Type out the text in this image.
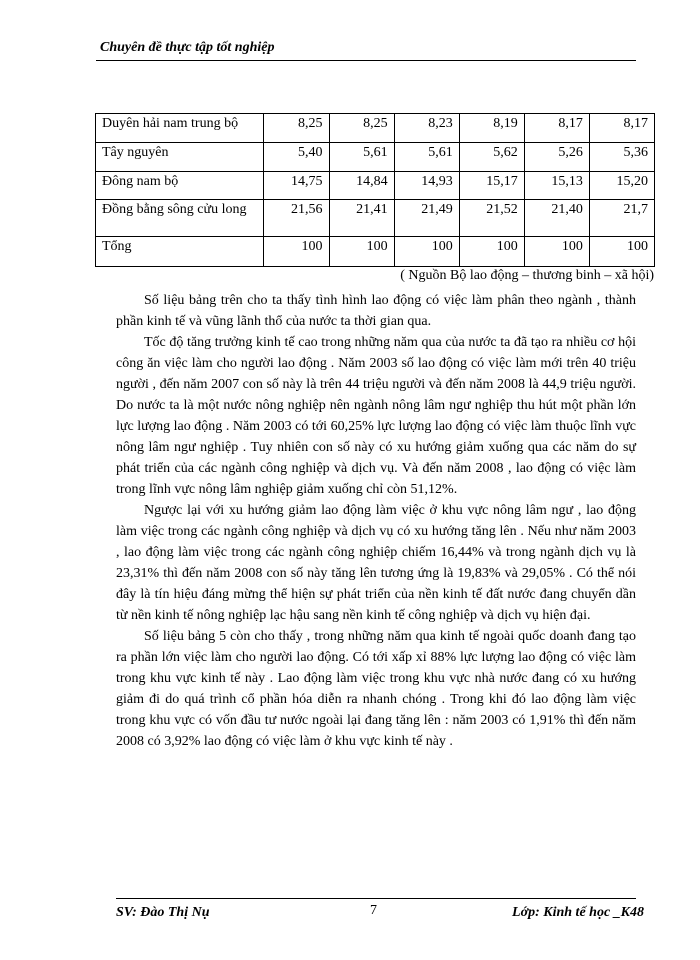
Chuyên đề thực tập tốt nghiệp
Duyên hải nam trung bộ	8,25	8,25	8,23	8,19	8,17	8,17
Tây nguyên	5,40	5,61	5,61	5,62	5,26	5,36
Đông nam bộ	14,75	14,84	14,93	15,17	15,13	15,20
Đồng bằng sông cửu long	21,56	21,41	21,49	21,52	21,40	21,7
Tổng	100	100	100	100	100	100
( Nguồn Bộ lao động – thương binh – xã hội)

Số liệu bảng trên cho ta thấy tình hình lao động có việc làm phân theo ngành , thành phần kinh tế và vũng lãnh thổ của nước ta thời gian qua.

Tốc độ tăng trưởng kinh tế cao trong những năm qua của nước ta đã tạo ra nhiều cơ hội công ăn việc làm cho người lao động . Năm 2003 số lao động có việc làm mới trên 40 triệu người , đến năm 2007 con số này là trên 44 triệu người và đến năm 2008 là 44,9 triệu người. Do nước ta là một nước nông nghiệp nên ngành nông lâm ngư nghiệp thu hút một phần lớn lực lượng lao động . Năm 2003 có tới 60,25% lực lượng lao động có việc làm thuộc lĩnh vực nông lâm ngư nghiệp . Tuy nhiên con số này có xu hướng giảm xuống qua các năm do sự phát triển của các ngành công nghiệp và dịch vụ. Và đến năm 2008 , lao động có việc làm trong lĩnh vực nông lâm nghiệp giảm xuống chỉ còn 51,12%.

Ngược lại với xu hướng giảm lao động làm việc ở khu vực nông lâm ngư , lao động làm việc trong các ngành công nghiệp và dịch vụ có xu hướng tăng lên . Nếu như năm 2003 , lao động làm việc trong các ngành công nghiệp chiếm 16,44% và trong ngành dịch vụ là 23,31% thì đến năm 2008 con số này tăng lên tương ứng là 19,83% và 29,05% . Có thể nói đây là tín hiệu đáng mừng thể hiện sự phát triển của nền kinh tế đất nước đang chuyển dần từ nền kinh tế nông nghiệp lạc hậu sang nền kinh tế công nghiệp và dịch vụ hiện đại.

Số liệu bảng 5 còn cho thấy , trong những năm qua kinh tế ngoài quốc doanh đang tạo ra phần lớn việc làm cho người lao động. Có tới xấp xỉ 88% lực lượng lao động có việc làm trong khu vực kinh tế này . Lao động làm việc trong khu vực nhà nước đang có xu hướng giảm đi do quá trình cổ phần hóa diễn ra nhanh chóng . Trong khi đó lao động làm việc trong khu vực có vốn đầu tư nước ngoài lại đang tăng lên : năm 2003 có 1,91% thì đến năm 2008 có 3,92% lao động có việc làm ở khu vực kinh tế này .

SV: Đào Thị Nụ	7	Lớp: Kinh tế học _K48
